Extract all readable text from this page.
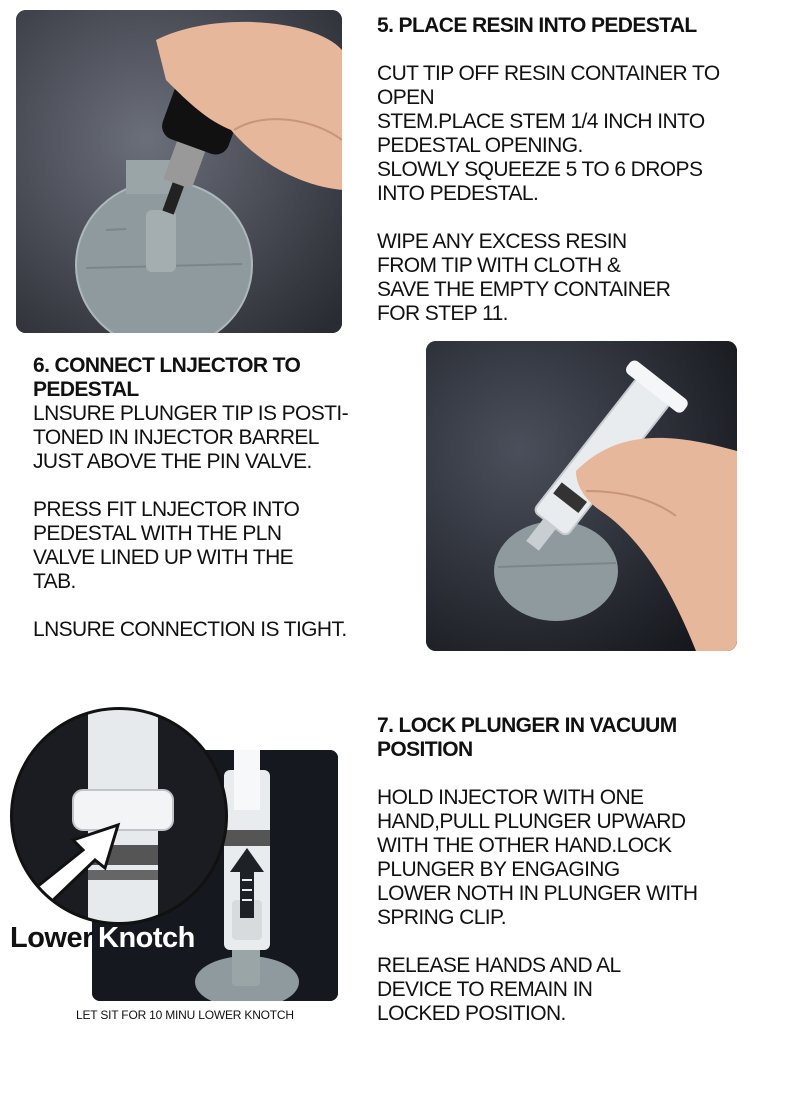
5. PLACE RESIN INTO PEDESTAL
CUT TIP OFF RESIN CONTAINER TO
OPEN
STEM.PLACE STEM 1/4 INCH INTO
PEDESTAL OPENING.
SLOWLY SQUEEZE 5 TO 6 DROPS
INTO PEDESTAL.
WIPE ANY EXCESS RESIN
FROM TIP WITH CLOTH &
SAVE THE EMPTY CONTAINER
FOR STEP 11.
6. CONNECT LNJECTOR TO
PEDESTAL
LNSURE PLUNGER TIP IS POSTI-
TONED IN INJECTOR BARREL
JUST ABOVE THE PIN VALVE.
PRESS FIT LNJECTOR INTO
PEDESTAL WITH THE PLN
VALVE LINED UP WITH THE
TAB.
LNSURE CONNECTION IS TIGHT.
Lower Knotch
LET SIT FOR 10 MINU LOWER KNOTCH
7. LOCK PLUNGER IN VACUUM
POSITION
HOLD INJECTOR WITH ONE
HAND,PULL PLUNGER UPWARD
WITH THE OTHER HAND.LOCK
PLUNGER BY ENGAGING
LOWER NOTH IN PLUNGER WITH
SPRING CLIP.
RELEASE HANDS AND AL
DEVICE TO REMAIN IN
LOCKED POSITION.
